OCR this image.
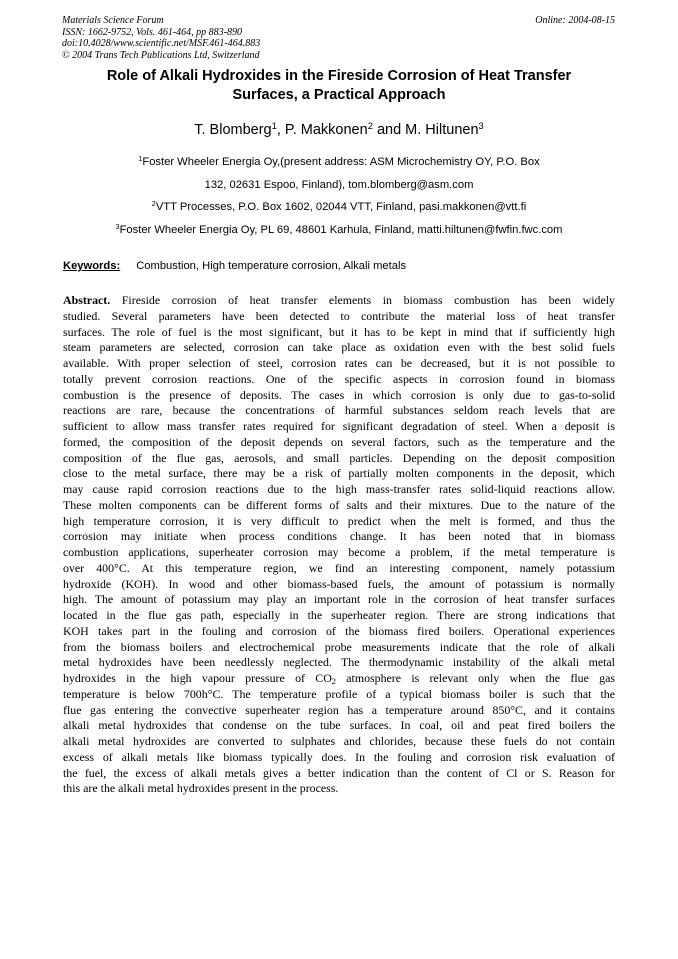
Materials Science Forum
ISSN: 1662-9752, Vols. 461-464, pp 883-890
doi:10.4028/www.scientific.net/MSF.461-464.883
© 2004 Trans Tech Publications Ltd, Switzerland
Online: 2004-08-15
Role of Alkali Hydroxides in the Fireside Corrosion of Heat Transfer
Surfaces, a Practical Approach
T. Blomberg$^1$, P. Makkonen$^2$ and M. Hiltunen$^3$
$^1$Foster Wheeler Energia Oy,(present address: ASM Microchemistry OY, P.O. Box
132, 02631 Espoo, Finland), tom.blomberg@asm.com
$^2$VTT Processes, P.O. Box 1602, 02044 VTT, Finland, pasi.makkonen@vtt.fi
$^3$Foster Wheeler Energia Oy, PL 69, 48601 Karhula, Finland, matti.hiltunen@fwfin.fwc.com
Keywords: Combustion, High temperature corrosion, Alkali metals
Abstract. Fireside corrosion of heat transfer elements in biomass combustion has been widely
studied. Several parameters have been detected to contribute the material loss of heat transfer
surfaces. The role of fuel is the most significant, but it has to be kept in mind that if sufficiently high
steam parameters are selected, corrosion can take place as oxidation even with the best solid fuels
available. With proper selection of steel, corrosion rates can be decreased, but it is not possible to
totally prevent corrosion reactions. One of the specific aspects in corrosion found in biomass
combustion is the presence of deposits. The cases in which corrosion is only due to gas-to-solid
reactions are rare, because the concentrations of harmful substances seldom reach levels that are
sufficient to allow mass transfer rates required for significant degradation of steel. When a deposit is
formed, the composition of the deposit depends on several factors, such as the temperature and the
composition of the flue gas, aerosols, and small particles. Depending on the deposit composition
close to the metal surface, there may be a risk of partially molten components in the deposit, which
may cause rapid corrosion reactions due to the high mass-transfer rates solid-liquid reactions allow.
These molten components can be different forms of salts and their mixtures. Due to the nature of the
high temperature corrosion, it is very difficult to predict when the melt is formed, and thus the
corrosion may initiate when process conditions change. It has been noted that in biomass
combustion applications, superheater corrosion may become a problem, if the metal temperature is
over 400°C. At this temperature region, we find an interesting component, namely potassium
hydroxide (KOH). In wood and other biomass-based fuels, the amount of potassium is normally
high. The amount of potassium may play an important role in the corrosion of heat transfer surfaces
located in the flue gas path, especially in the superheater region. There are strong indications that
KOH takes part in the fouling and corrosion of the biomass fired boilers. Operational experiences
from the biomass boilers and electrochemical probe measurements indicate that the role of alkali
metal hydroxides have been needlessly neglected. The thermodynamic instability of the alkali metal
hydroxides in the high vapour pressure of $CO_2$ atmosphere is relevant only when the flue gas
temperature is below 700h°C. The temperature profile of a typical biomass boiler is such that the
flue gas entering the convective superheater region has a temperature around 850°C, and it contains
alkali metal hydroxides that condense on the tube surfaces. In coal, oil and peat fired boilers the
alkali metal hydroxides are converted to sulphates and chlorides, because these fuels do not contain
excess of alkali metals like biomass typically does. In the fouling and corrosion risk evaluation of
the fuel, the excess of alkali metals gives a better indication than the content of Cl or S. Reason for
this are the alkali metal hydroxides present in the process.
